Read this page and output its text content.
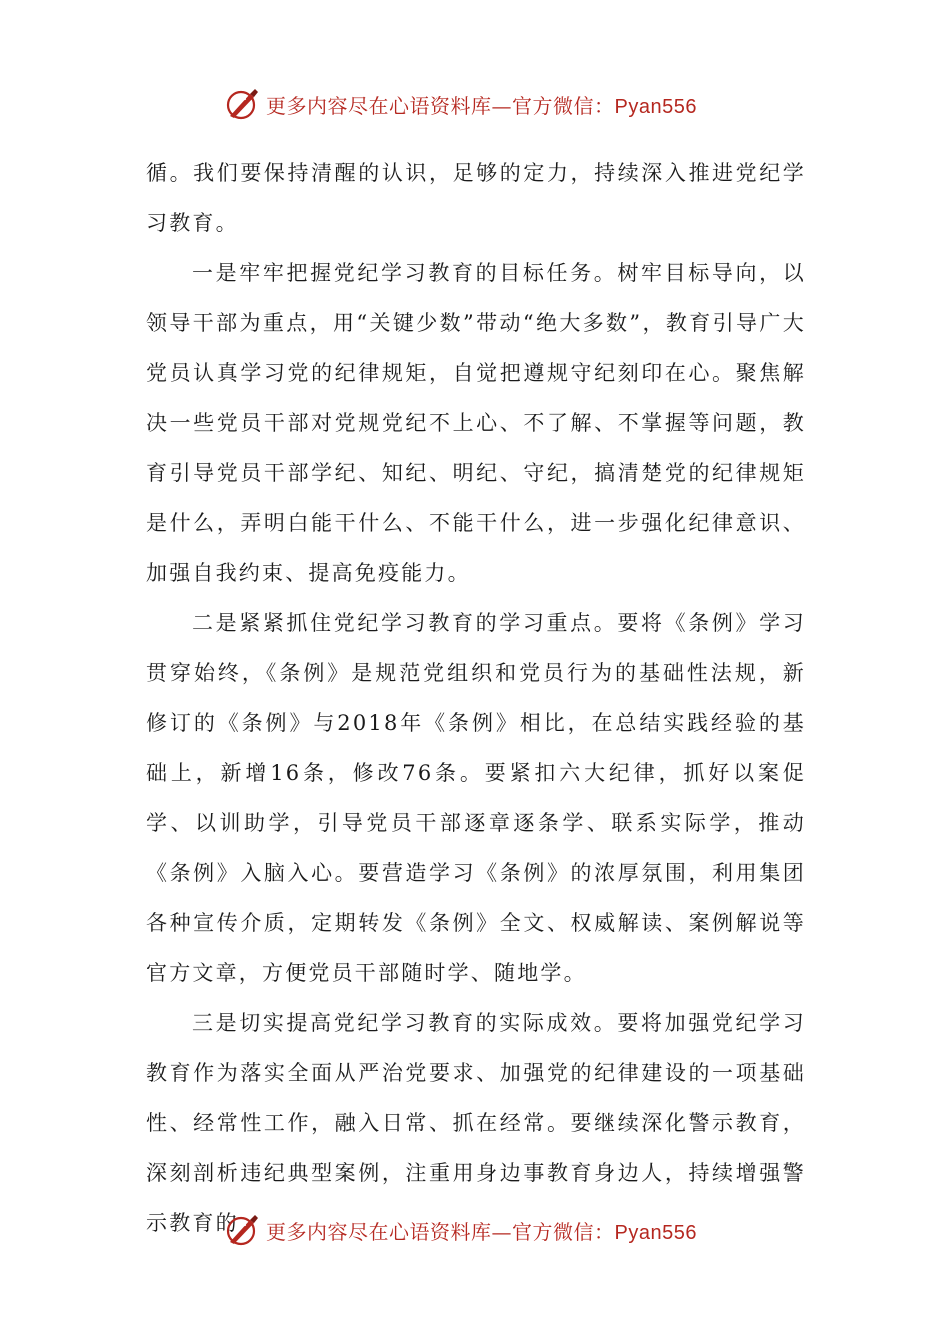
更多内容尽在心语资料库—官方微信：Pyan556

循。我们要保持清醒的认识，足够的定力，持续深入推进党纪学习教育。

一是牢牢把握党纪学习教育的目标任务。树牢目标导向，以领导干部为重点，用“关键少数”带动“绝大多数”，教育引导广大党员认真学习党的纪律规矩，自觉把遵规守纪刻印在心。聚焦解决一些党员干部对党规党纪不上心、不了解、不掌握等问题，教育引导党员干部学纪、知纪、明纪、守纪，搞清楚党的纪律规矩是什么，弄明白能干什么、不能干什么，进一步强化纪律意识、加强自我约束、提高免疫能力。

二是紧紧抓住党纪学习教育的学习重点。要将《条例》学习贯穿始终，《条例》是规范党组织和党员行为的基础性法规，新修订的《条例》与2018年《条例》相比，在总结实践经验的基础上，新增16条，修改76条。要紧扣六大纪律，抓好以案促学、以训助学，引导党员干部逐章逐条学、联系实际学，推动《条例》入脑入心。要营造学习《条例》的浓厚氛围，利用集团各种宣传介质，定期转发《条例》全文、权威解读、案例解说等官方文章，方便党员干部随时学、随地学。

三是切实提高党纪学习教育的实际成效。要将加强党纪学习教育作为落实全面从严治党要求、加强党的纪律建设的一项基础性、经常性工作，融入日常、抓在经常。要继续深化警示教育，深刻剖析违纪典型案例，注重用身边事教育身边人，持续增强警示教育的	更多内容尽在心语资料库—官方微信：Pyan556
